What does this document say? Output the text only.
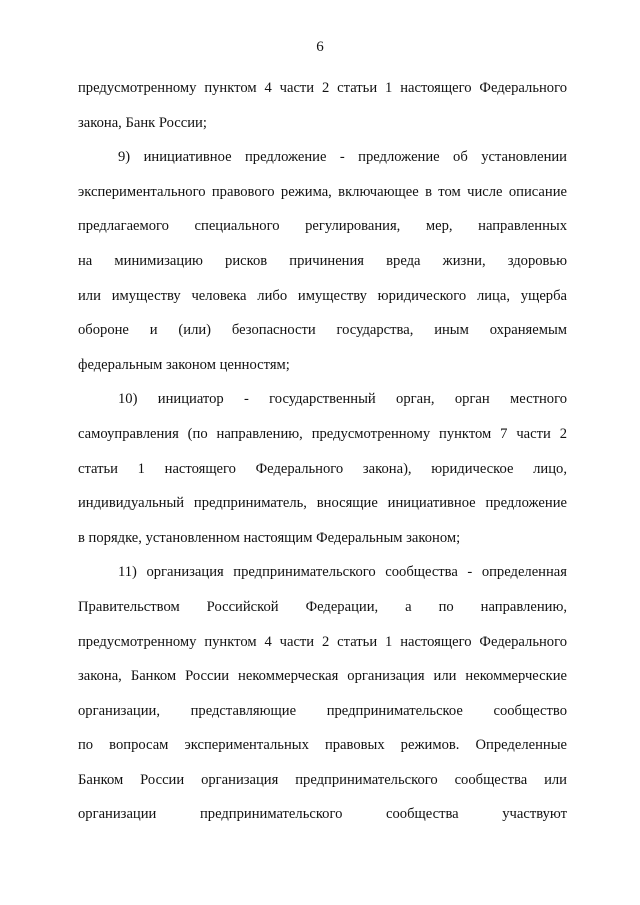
6
предусмотренному пунктом 4 части 2 статьи 1 настоящего Федерального
закона, Банк России;
9) инициативное предложение - предложение об установлении
экспериментального правового режима, включающее в том числе описание
предлагаемого специального регулирования, мер, направленных
на минимизацию рисков причинения вреда жизни, здоровью
или имуществу человека либо имуществу юридического лица, ущерба
обороне и (или) безопасности государства, иным охраняемым
федеральным законом ценностям;
10) инициатор - государственный орган, орган местного
самоуправления (по направлению, предусмотренному пунктом 7 части 2
статьи 1 настоящего Федерального закона), юридическое лицо,
индивидуальный предприниматель, вносящие инициативное предложение
в порядке, установленном настоящим Федеральным законом;
11) организация предпринимательского сообщества - определенная
Правительством Российской Федерации, а по направлению,
предусмотренному пунктом 4 части 2 статьи 1 настоящего Федерального
закона, Банком России некоммерческая организация или некоммерческие
организации, представляющие предпринимательское сообщество
по вопросам экспериментальных правовых режимов. Определенные
Банком России организация предпринимательского сообщества или
организации предпринимательского сообщества участвуют
